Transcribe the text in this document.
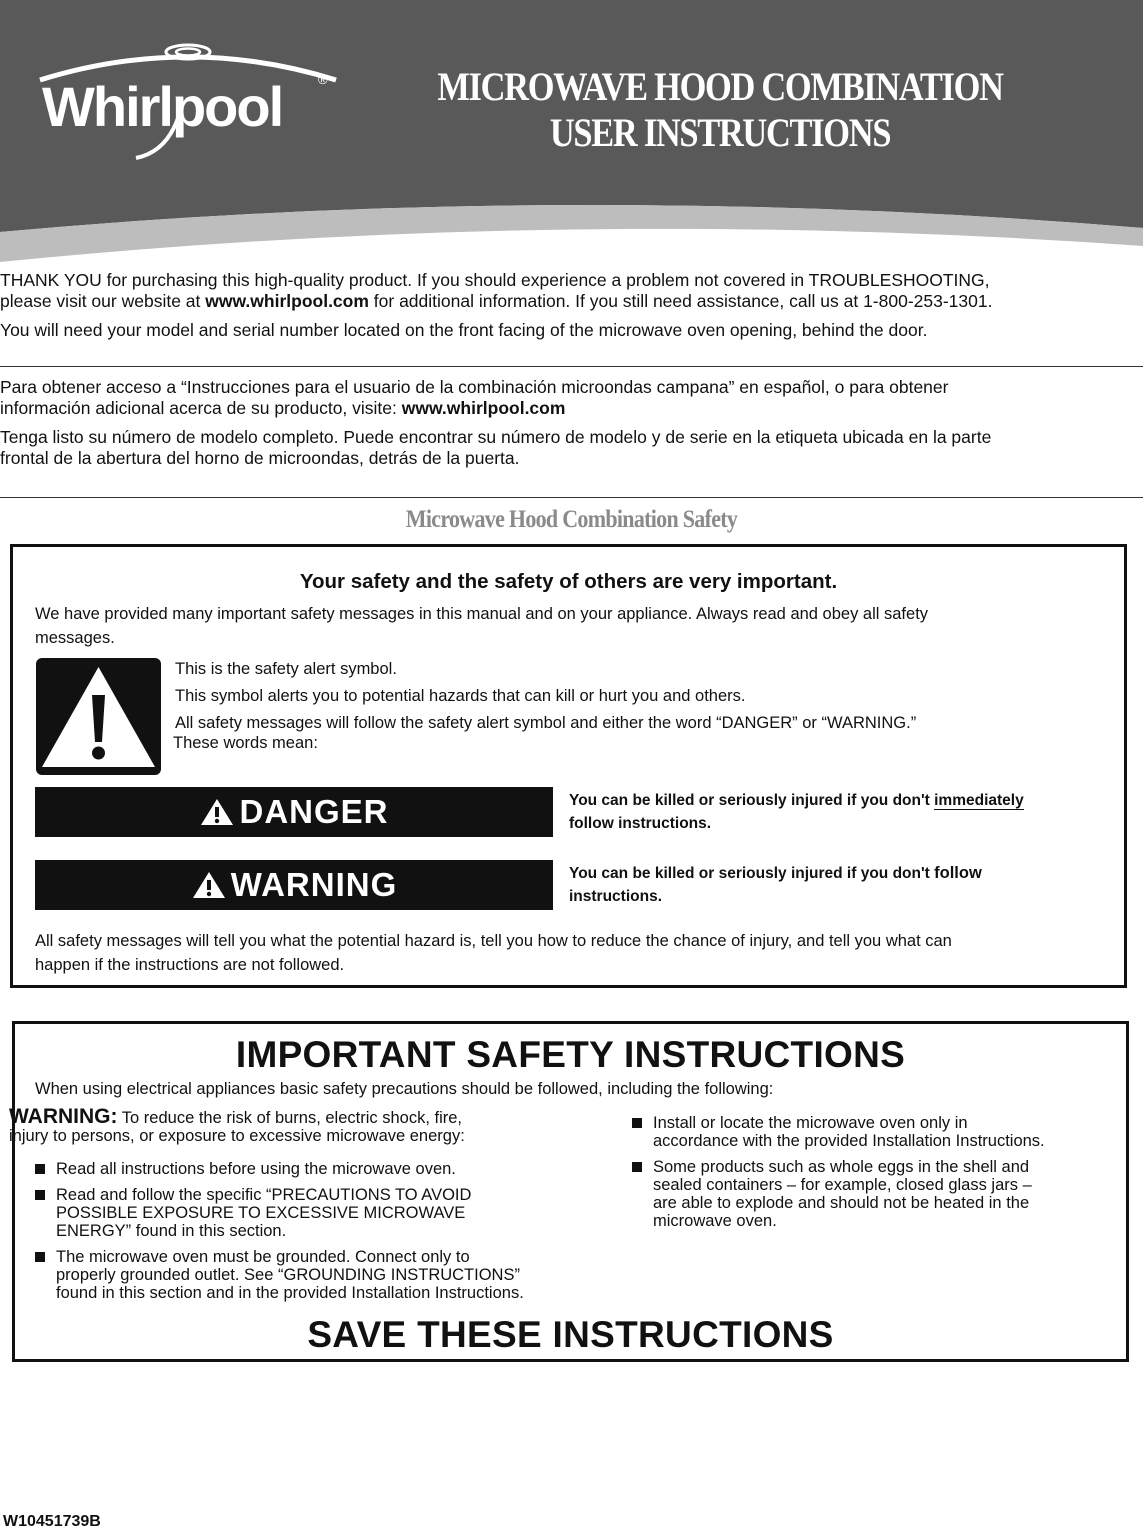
Whirlpool	®	MICROWAVE HOOD COMBINATION
USER INSTRUCTIONS

THANK YOU for purchasing this high-quality product. If you should experience a problem not covered in TROUBLESHOOTING,

please visit our website at www.whirlpool.com for additional information. If you still need assistance, call us at 1-800-253-1301.

You will need your model and serial number located on the front facing of the microwave oven opening, behind the door.

Para obtener acceso a “Instrucciones para el usuario de la combinación microondas campana” en español, o para obtener

información adicional acerca de su producto, visite: www.whirlpool.com

Tenga listo su número de modelo completo. Puede encontrar su número de modelo y de serie en la etiqueta ubicada en la parte

frontal de la abertura del horno de microondas, detrás de la puerta.

Microwave Hood Combination Safety
Your safety and the safety of others are very important.
We have provided many important safety messages in this manual and on your appliance. Always read and obey all safety
messages.
This is the safety alert symbol.
This symbol alerts you to potential hazards that can kill or hurt you and others.
All safety messages will follow the safety alert symbol and either the word “DANGER” or “WARNING.”
These words mean:
DANGER	You can be killed or seriously injured if you don't immediately
follow instructions.
WARNING	You can be killed or seriously injured if you don't follow
instructions.
All safety messages will tell you what the potential hazard is, tell you how to reduce the chance of injury, and tell you what can
happen if the instructions are not followed.
IMPORTANT SAFETY INSTRUCTIONS
When using electrical appliances basic safety precautions should be followed, including the following:
WARNING: To reduce the risk of burns, electric shock, fire,
injury to persons, or exposure to excessive microwave energy:
Read all instructions before using the microwave oven.
Read and follow the specific “PRECAUTIONS TO AVOID
POSSIBLE EXPOSURE TO EXCESSIVE MICROWAVE
ENERGY” found in this section.
The microwave oven must be grounded. Connect only to
properly grounded outlet. See “GROUNDING INSTRUCTIONS”
found in this section and in the provided Installation Instructions.
Install or locate the microwave oven only in
accordance with the provided Installation Instructions.
Some products such as whole eggs in the shell and
sealed containers – for example, closed glass jars –
are able to explode and should not be heated in the
microwave oven.
SAVE THESE INSTRUCTIONS
W10451739B
